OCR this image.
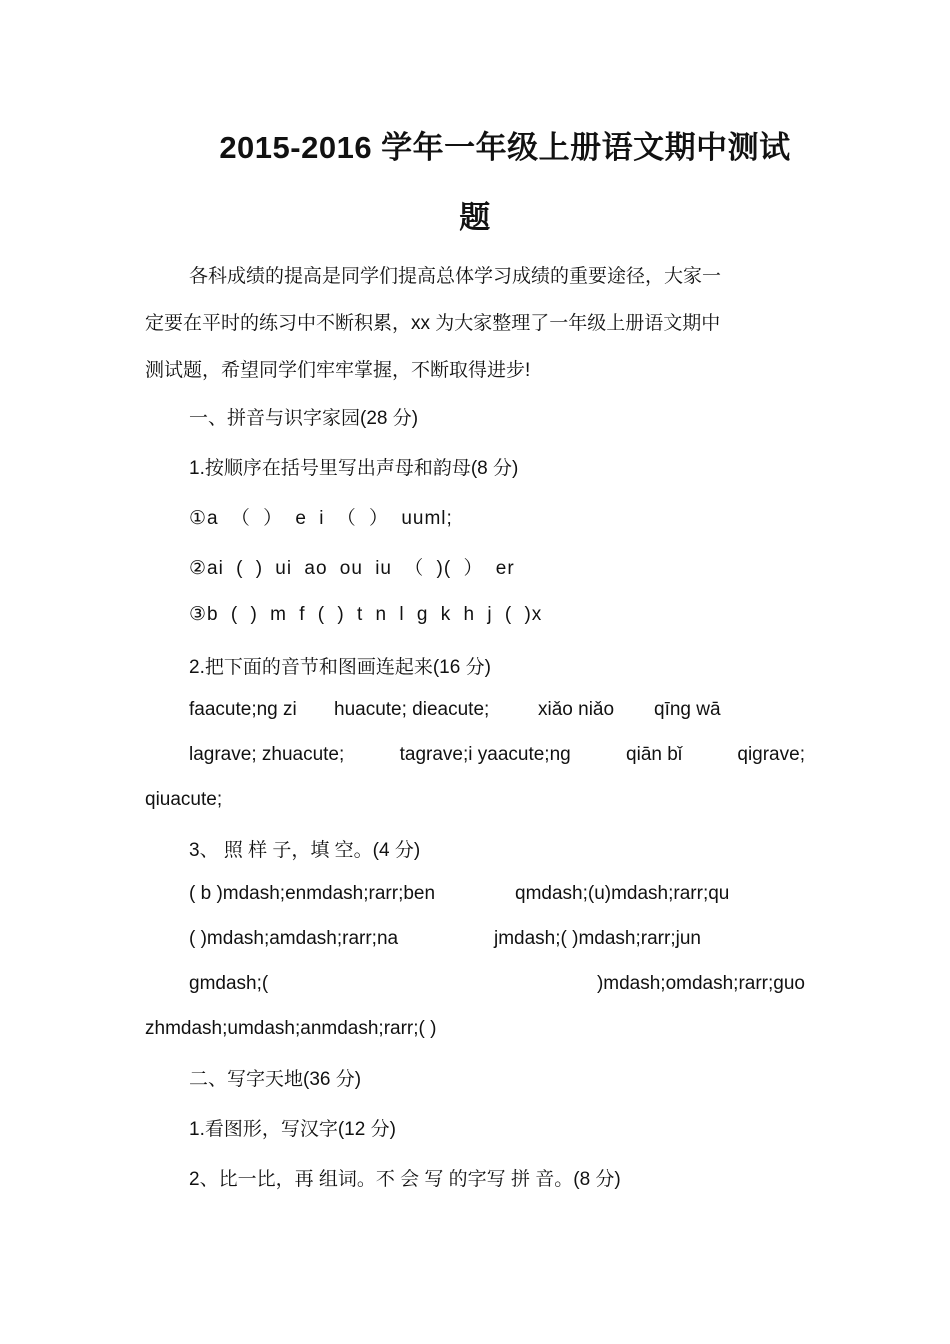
2015-2016 学年一年级上册语文期中测试
题
各科成绩的提高是同学们提高总体学习成绩的重要途径，大家一
定要在平时的练习中不断积累，xx 为大家整理了一年级上册语文期中
测试题，希望同学们牢牢掌握，不断取得进步!
一、拼音与识字家园(28 分)
1.按顺序在括号里写出声母和韵母(8 分)
①a （ ） e i （ ） uuml;
②ai ( ) ui ao ou iu （ )( ） er
③b ( ) m f ( ) t n l g k h j ( )x
2.把下面的音节和图画连起来(16 分)
faacute;ng zi huacute; dieacute;	xiǎo niǎo qīng wā
lagrave; zhuacute;	tagrave;i yaacute;ng	qiān bǐ	qigrave;
qiuacute;
3、 照 样 子，填 空。(4 分)
( b )mdash;enmdash;rarr;ben	qmdash;(u)mdash;rarr;qu
( )mdash;amdash;rarr;na	jmdash;( )mdash;rarr;jun
gmdash;(	)mdash;omdash;rarr;guo
zhmdash;umdash;anmdash;rarr;( )
二、写字天地(36 分)
1.看图形，写汉字(12 分)
2、比一比，再 组词。不 会 写 的字写 拼 音。(8 分)
